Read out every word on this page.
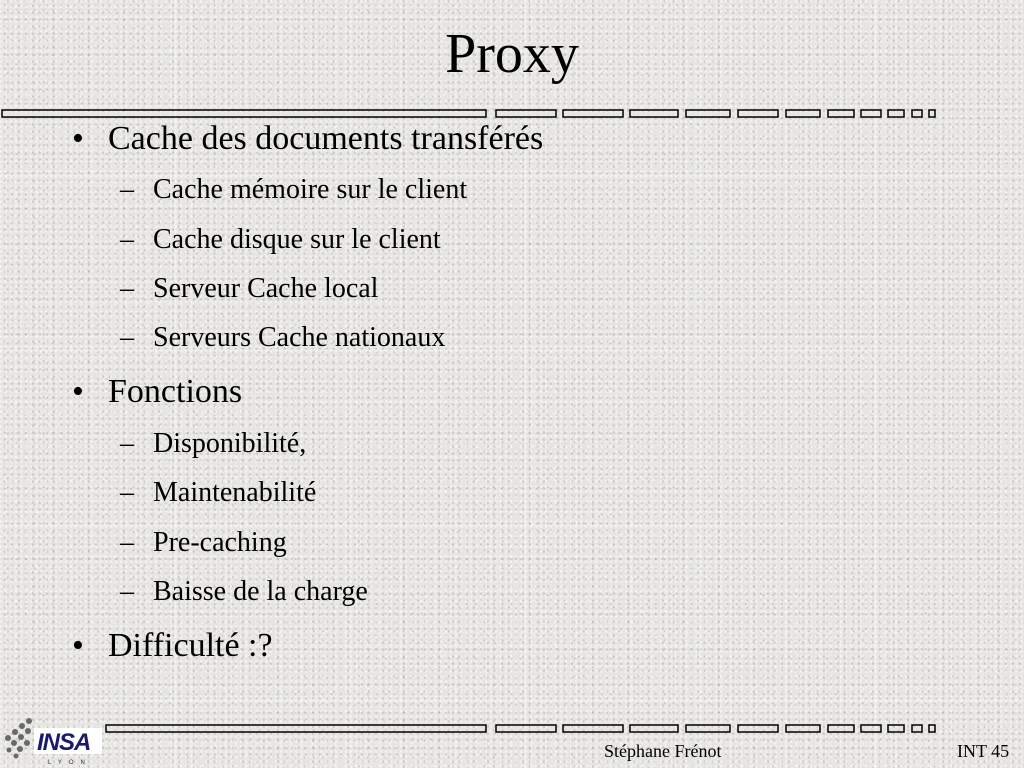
Proxy
• Cache des documents transférés
– Cache mémoire sur le client
– Cache disque sur le client
– Serveur Cache local
– Serveurs Cache nationaux
• Fonctions
– Disponibilité,
– Maintenabilité
– Pre-caching
– Baisse de la charge
• Difficulté :?
INSA
LYON
Stéphane Frénot	INT 45
